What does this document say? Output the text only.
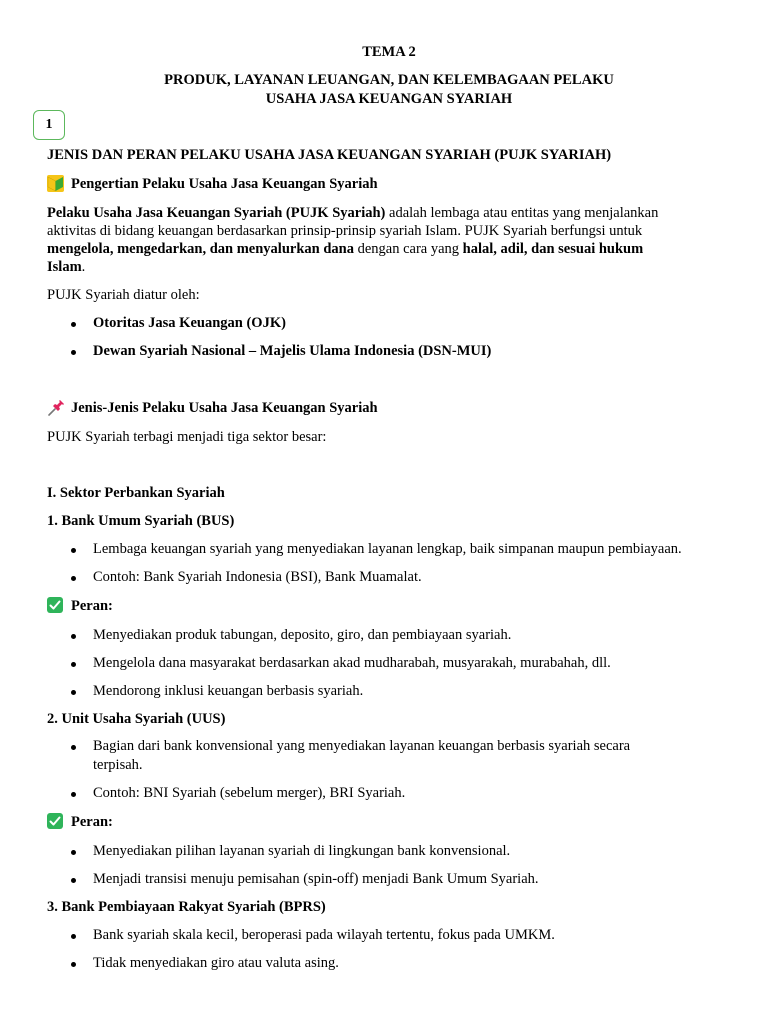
TEMA 2
PRODUK, LAYANAN LEUANGAN, DAN KELEMBAGAAN PELAKU
USAHA JASA KEUANGAN SYARIAH
1
JENIS DAN PERAN PELAKU USAHA JASA KEUANGAN SYARIAH (PUJK SYARIAH)
Pengertian Pelaku Usaha Jasa Keuangan Syariah
Pelaku Usaha Jasa Keuangan Syariah (PUJK Syariah) adalah lembaga atau entitas yang menjalankan
aktivitas di bidang keuangan berdasarkan prinsip-prinsip syariah Islam. PUJK Syariah berfungsi untuk
mengelola, mengedarkan, dan menyalurkan dana dengan cara yang halal, adil, dan sesuai hukum
Islam.
PUJK Syariah diatur oleh:
Otoritas Jasa Keuangan (OJK)
Dewan Syariah Nasional – Majelis Ulama Indonesia (DSN-MUI)
Jenis-Jenis Pelaku Usaha Jasa Keuangan Syariah
PUJK Syariah terbagi menjadi tiga sektor besar:
I. Sektor Perbankan Syariah
1. Bank Umum Syariah (BUS)
Lembaga keuangan syariah yang menyediakan layanan lengkap, baik simpanan maupun pembiayaan.
Contoh: Bank Syariah Indonesia (BSI), Bank Muamalat.
Peran:
Menyediakan produk tabungan, deposito, giro, dan pembiayaan syariah.
Mengelola dana masyarakat berdasarkan akad mudharabah, musyarakah, murabahah, dll.
Mendorong inklusi keuangan berbasis syariah.
2. Unit Usaha Syariah (UUS)
Bagian dari bank konvensional yang menyediakan layanan keuangan berbasis syariah secara
terpisah.
Contoh: BNI Syariah (sebelum merger), BRI Syariah.
Peran:
Menyediakan pilihan layanan syariah di lingkungan bank konvensional.
Menjadi transisi menuju pemisahan (spin-off) menjadi Bank Umum Syariah.
3. Bank Pembiayaan Rakyat Syariah (BPRS)
Bank syariah skala kecil, beroperasi pada wilayah tertentu, fokus pada UMKM.
Tidak menyediakan giro atau valuta asing.
